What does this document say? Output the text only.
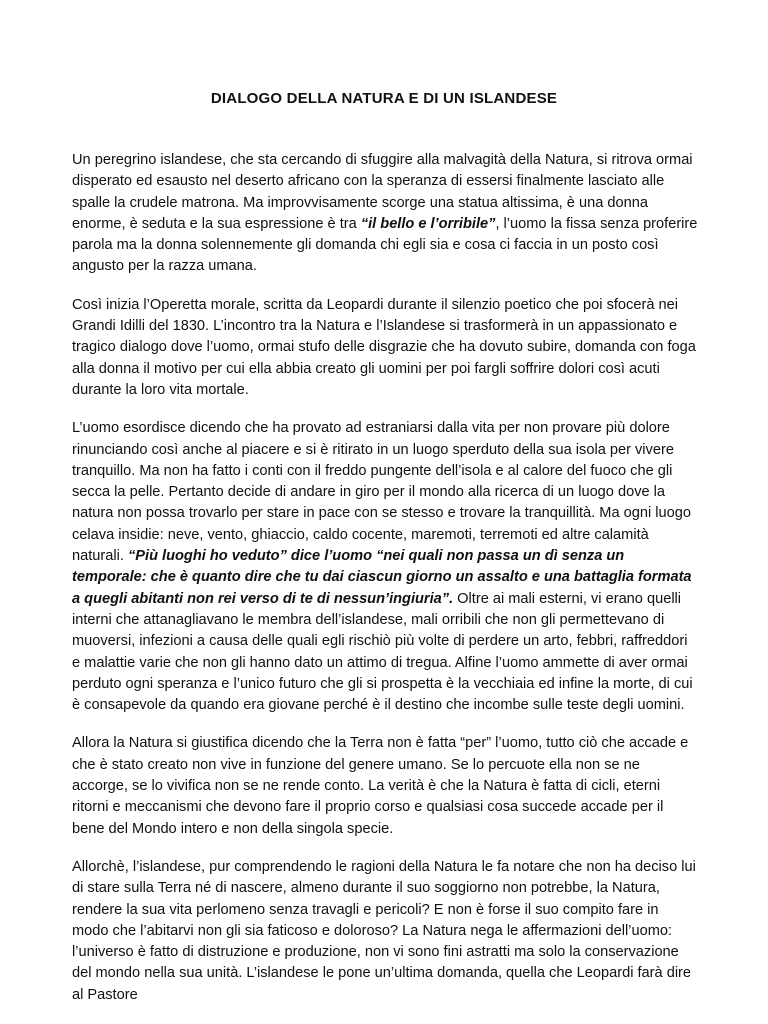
DIALOGO DELLA NATURA E DI UN ISLANDESE

Un peregrino islandese, che sta cercando di sfuggire alla malvagità della Natura, si ritrova ormai disperato ed esausto nel deserto africano con la speranza di essersi finalmente lasciato alle spalle la crudele matrona. Ma improvvisamente scorge una statua altissima, è una donna enorme, è seduta e la sua espressione è tra “il bello e l’orribile”, l’uomo la fissa senza proferire parola ma la donna solennemente gli domanda chi egli sia e cosa ci faccia in un posto così angusto per la razza umana.

Così inizia l’Operetta morale, scritta da Leopardi durante il silenzio poetico che poi sfocerà nei Grandi Idilli del 1830. L’incontro tra la Natura e l’Islandese si trasformerà in un appassionato e tragico dialogo dove l’uomo, ormai stufo delle disgrazie che ha dovuto subire, domanda con foga alla donna il motivo per cui ella abbia creato gli uomini per poi fargli soffrire dolori così acuti durante la loro vita mortale.

L’uomo esordisce dicendo che ha provato ad estraniarsi dalla vita per non provare più dolore rinunciando così anche al piacere e si è ritirato in un luogo sperduto della sua isola per vivere tranquillo. Ma non ha fatto i conti con il freddo pungente dell’isola e al calore del fuoco che gli secca la pelle. Pertanto decide di andare in giro per il mondo alla ricerca di un luogo dove la natura non possa trovarlo per stare in pace con se stesso e trovare la tranquillità. Ma ogni luogo celava insidie: neve, vento, ghiaccio, caldo cocente, maremoti, terremoti ed altre calamità naturali. “Più luoghi ho veduto” dice l’uomo “nei quali non passa un dì senza un temporale: che è quanto dire che tu dai ciascun giorno un assalto e una battaglia formata a quegli abitanti non rei verso di te di nessun’ingiuria”. Oltre ai mali esterni, vi erano quelli interni che attanagliavano le membra dell’islandese, mali orribili che non gli permettevano di muoversi, infezioni a causa delle quali egli rischiò più volte di perdere un arto, febbri, raffreddori e malattie varie che non gli hanno dato un attimo di tregua. Alfine l’uomo ammette di aver ormai perduto ogni speranza e l’unico futuro che gli si prospetta è la vecchiaia ed infine la morte, di cui è consapevole da quando era giovane perché è il destino che incombe sulle teste degli uomini.

Allora la Natura si giustifica dicendo che la Terra non è fatta “per” l’uomo, tutto ciò che accade e che è stato creato non vive in funzione del genere umano. Se lo percuote ella non se ne accorge, se lo vivifica non se ne rende conto. La verità è che la Natura è fatta di cicli, eterni ritorni e meccanismi che devono fare il proprio corso e qualsiasi cosa succede accade per il bene del Mondo intero e non della singola specie.

Allorchè, l’islandese, pur comprendendo le ragioni della Natura le fa notare che non ha deciso lui di stare sulla Terra né di nascere, almeno durante il suo soggiorno non potrebbe, la Natura, rendere la sua vita perlomeno senza travagli e pericoli? E non è forse il suo compito fare in modo che l’abitarvi non gli sia faticoso e doloroso? La Natura nega le affermazioni dell’uomo: l’universo è fatto di distruzione e produzione, non vi sono fini astratti ma solo la conservazione del mondo nella sua unità. L’islandese le pone un’ultima domanda, quella che Leopardi farà dire al Pastore
